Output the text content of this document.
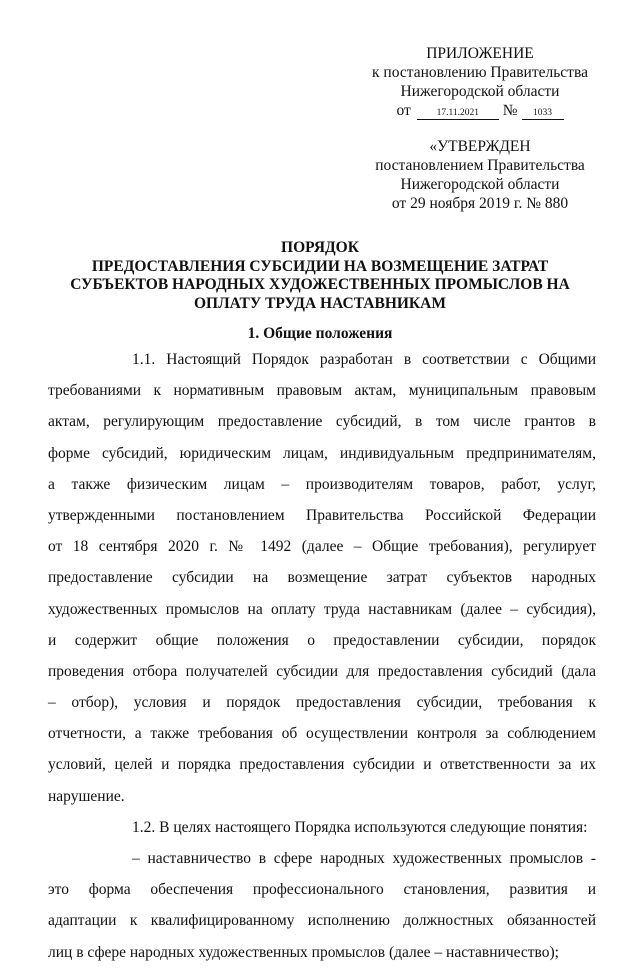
ПРИЛОЖЕНИЕ
к постановлению Правительства
Нижегородской области
от	17.11.2021 № 1033
«УТВЕРЖДЕН
постановлением Правительства
Нижегородской области
от 29 ноября 2019 г. № 880
ПОРЯДОК
ПРЕДОСТАВЛЕНИЯ СУБСИДИИ НА ВОЗМЕЩЕНИЕ ЗАТРАТ
СУБЪЕКТОВ НАРОДНЫХ ХУДОЖЕСТВЕННЫХ ПРОМЫСЛОВ НА
ОПЛАТУ ТРУДА НАСТАВНИКАМ
1. Общие положения
1.1. Настоящий Порядок разработан в соответствии с Общими
требованиями к нормативным правовым актам, муниципальным правовым
актам, регулирующим предоставление субсидий, в том числе грантов в
форме субсидий, юридическим лицам, индивидуальным предпринимателям,
а также физическим лицам – производителям товаров, работ, услуг,
утвержденными постановлением Правительства Российской Федерации
от 18 сентября 2020 г. № 1492 (далее – Общие требования), регулирует
предоставление субсидии на возмещение затрат субъектов народных
художественных промыслов на оплату труда наставникам (далее – субсидия),
и содержит общие положения о предоставлении субсидии, порядок
проведения отбора получателей субсидии для предоставления субсидий (дала
– отбор), условия и порядок предоставления субсидии, требования к
отчетности, а также требования об осуществлении контроля за соблюдением
условий, целей и порядка предоставления субсидии и ответственности за их
нарушение.
1.2. В целях настоящего Порядка используются следующие понятия:
– наставничество в сфере народных художественных промыслов -
это форма обеспечения профессионального становления, развития и
адаптации к квалифицированному исполнению должностных обязанностей
лиц в сфере народных художественных промыслов (далее – наставничество);
